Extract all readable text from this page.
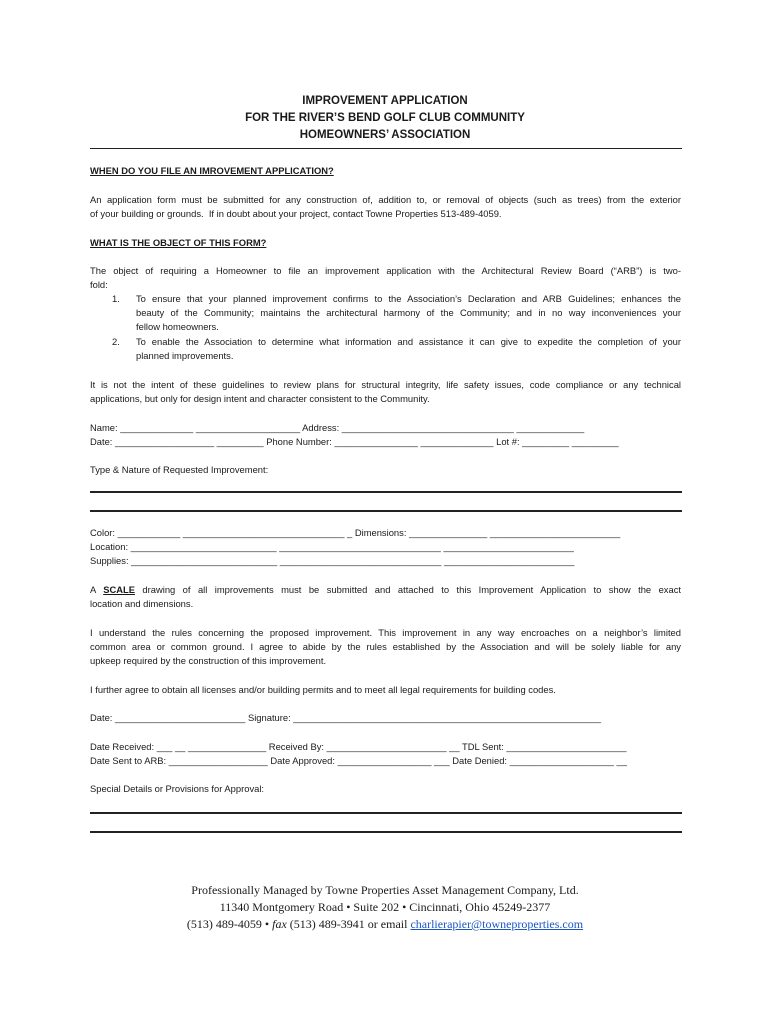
IMPROVEMENT APPLICATION
FOR THE RIVER’S BEND GOLF CLUB COMMUNITY
HOMEOWNERS’ ASSOCIATION
WHEN DO YOU FILE AN IMROVEMENT APPLICATION?
An application form must be submitted for any construction of, addition to, or removal of objects (such as trees) from the exterior
of your building or grounds.  If in doubt about your project, contact Towne Properties 513-489-4059.
WHAT IS THE OBJECT OF THIS FORM?
The object of requiring a Homeowner to file an improvement application with the Architectural Review Board (“ARB”) is two-
fold:
1. To ensure that your planned improvement confirms to the Association’s Declaration and ARB Guidelines; enhances the
beauty of the Community; maintains the architectural harmony of the Community; and in no way inconveniences your
fellow homeowners.
2. To enable the Association to determine what information and assistance it can give to expedite the completion of your
planned improvements.
It is not the intent of these guidelines to review plans for structural integrity, life safety issues, code compliance or any technical
applications, but only for design intent and character consistent to the Community.
Name: ______________ ____________________ Address: _________________________________ _____________
Date: ___________________ _________ Phone Number: ________________ ______________ Lot #: _________ _________
Type & Nature of Requested Improvement:
Color: ____________ _______________________________ _ Dimensions: _______________ _________________________
Location: ____________________________ _______________________________ _________________________
Supplies: ____________________________ _______________________________ _________________________
A SCALE drawing of all improvements must be submitted and attached to this Improvement Application to show the exact
location and dimensions.
I understand the rules concerning the proposed improvement. This improvement in any way encroaches on a neighbor’s limited
common area or common ground. I agree to abide by the rules established by the Association and will be solely liable for any
upkeep required by the construction of this improvement.
I further agree to obtain all licenses and/or building permits and to meet all legal requirements for building codes.
Date: _________________________ Signature: ___________________________________________________________
Date Received: ___ __ _______________ Received By: _______________________ __ TDL Sent: _______________________
Date Sent to ARB: ___________________ Date Approved: __________________ ___ Date Denied: ____________________ __
Special Details or Provisions for Approval:
Professionally Managed by Towne Properties Asset Management Company, Ltd.
11340 Montgomery Road • Suite 202 • Cincinnati, Ohio 45249-2377
(513) 489-4059 • fax (513) 489-3941 or email charlierapier@towneproperties.com
